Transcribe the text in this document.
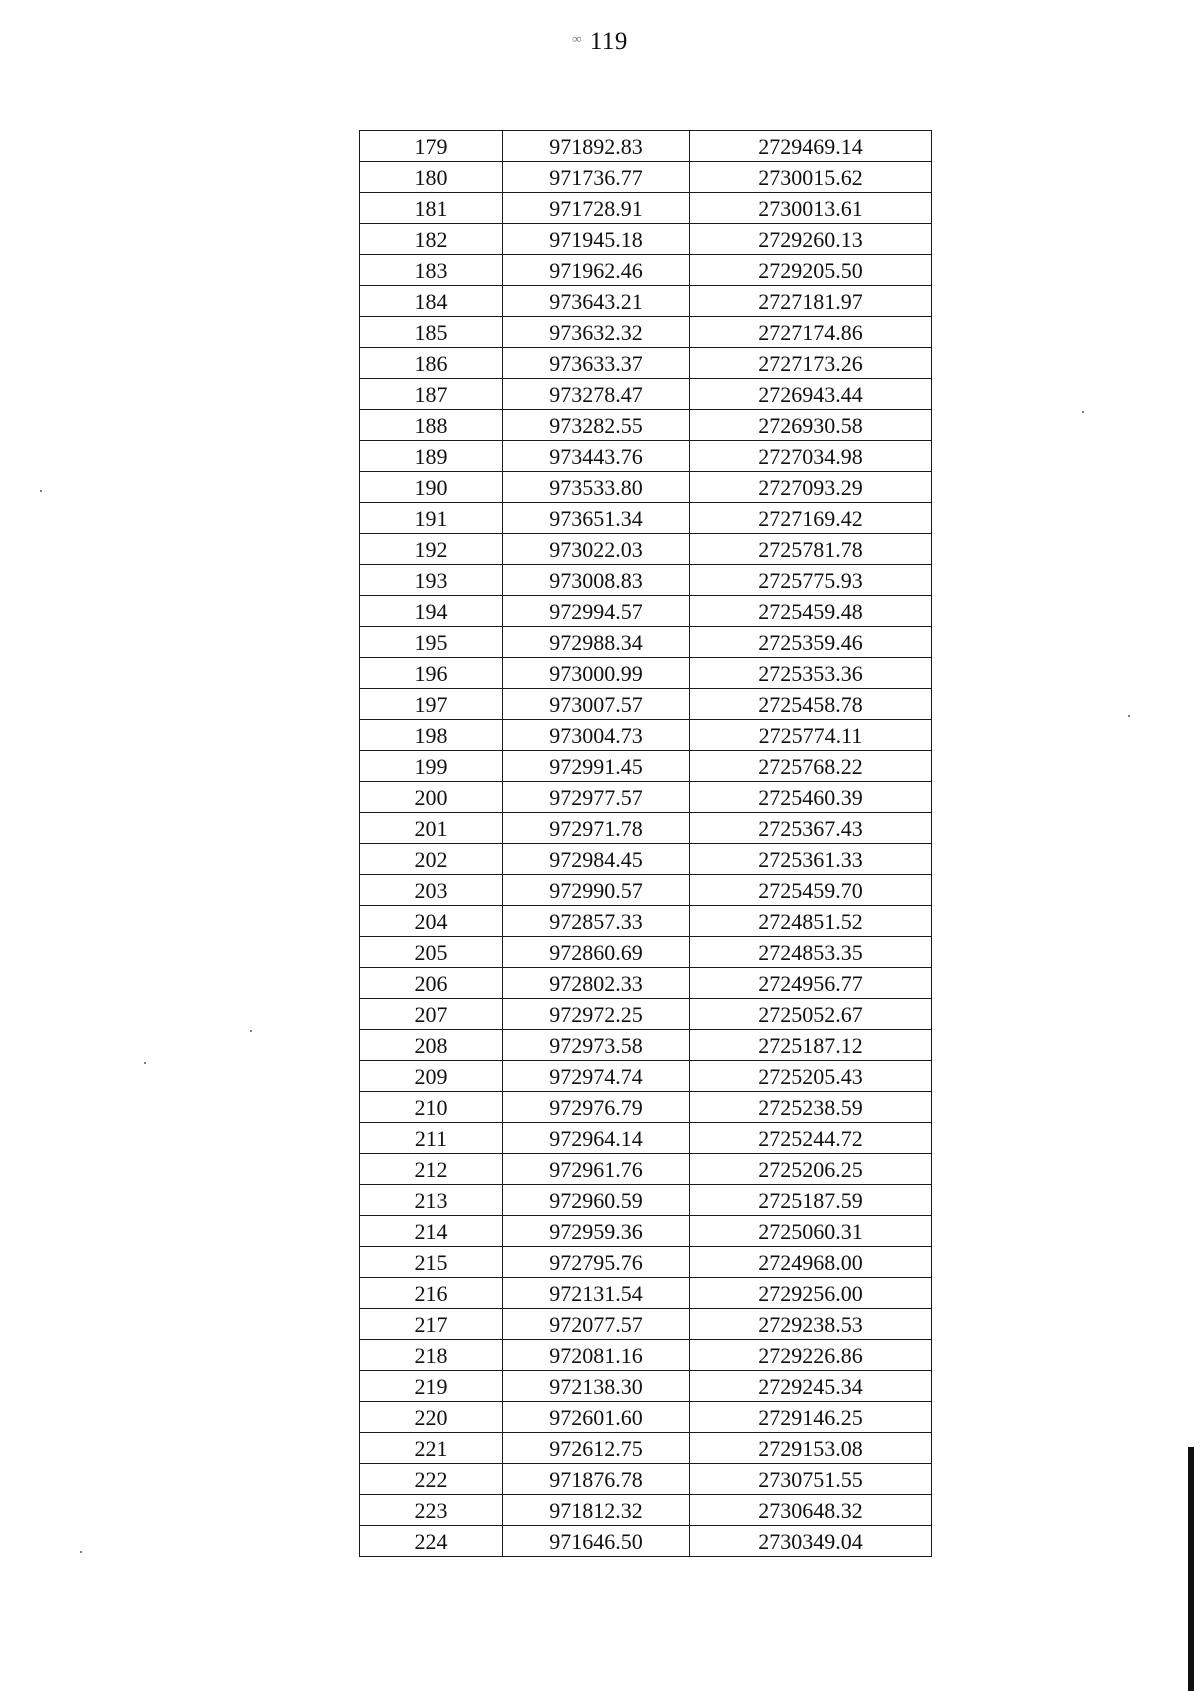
∞ 119
179	971892.83	2729469.14
180	971736.77	2730015.62
181	971728.91	2730013.61
182	971945.18	2729260.13
183	971962.46	2729205.50
184	973643.21	2727181.97
185	973632.32	2727174.86
186	973633.37	2727173.26
187	973278.47	2726943.44
188	973282.55	2726930.58
189	973443.76	2727034.98
190	973533.80	2727093.29
191	973651.34	2727169.42
192	973022.03	2725781.78
193	973008.83	2725775.93
194	972994.57	2725459.48
195	972988.34	2725359.46
196	973000.99	2725353.36
197	973007.57	2725458.78
198	973004.73	2725774.11
199	972991.45	2725768.22
200	972977.57	2725460.39
201	972971.78	2725367.43
202	972984.45	2725361.33
203	972990.57	2725459.70
204	972857.33	2724851.52
205	972860.69	2724853.35
206	972802.33	2724956.77
207	972972.25	2725052.67
208	972973.58	2725187.12
209	972974.74	2725205.43
210	972976.79	2725238.59
211	972964.14	2725244.72
212	972961.76	2725206.25
213	972960.59	2725187.59
214	972959.36	2725060.31
215	972795.76	2724968.00
216	972131.54	2729256.00
217	972077.57	2729238.53
218	972081.16	2729226.86
219	972138.30	2729245.34
220	972601.60	2729146.25
221	972612.75	2729153.08
222	971876.78	2730751.55
223	971812.32	2730648.32
224	971646.50	2730349.04
